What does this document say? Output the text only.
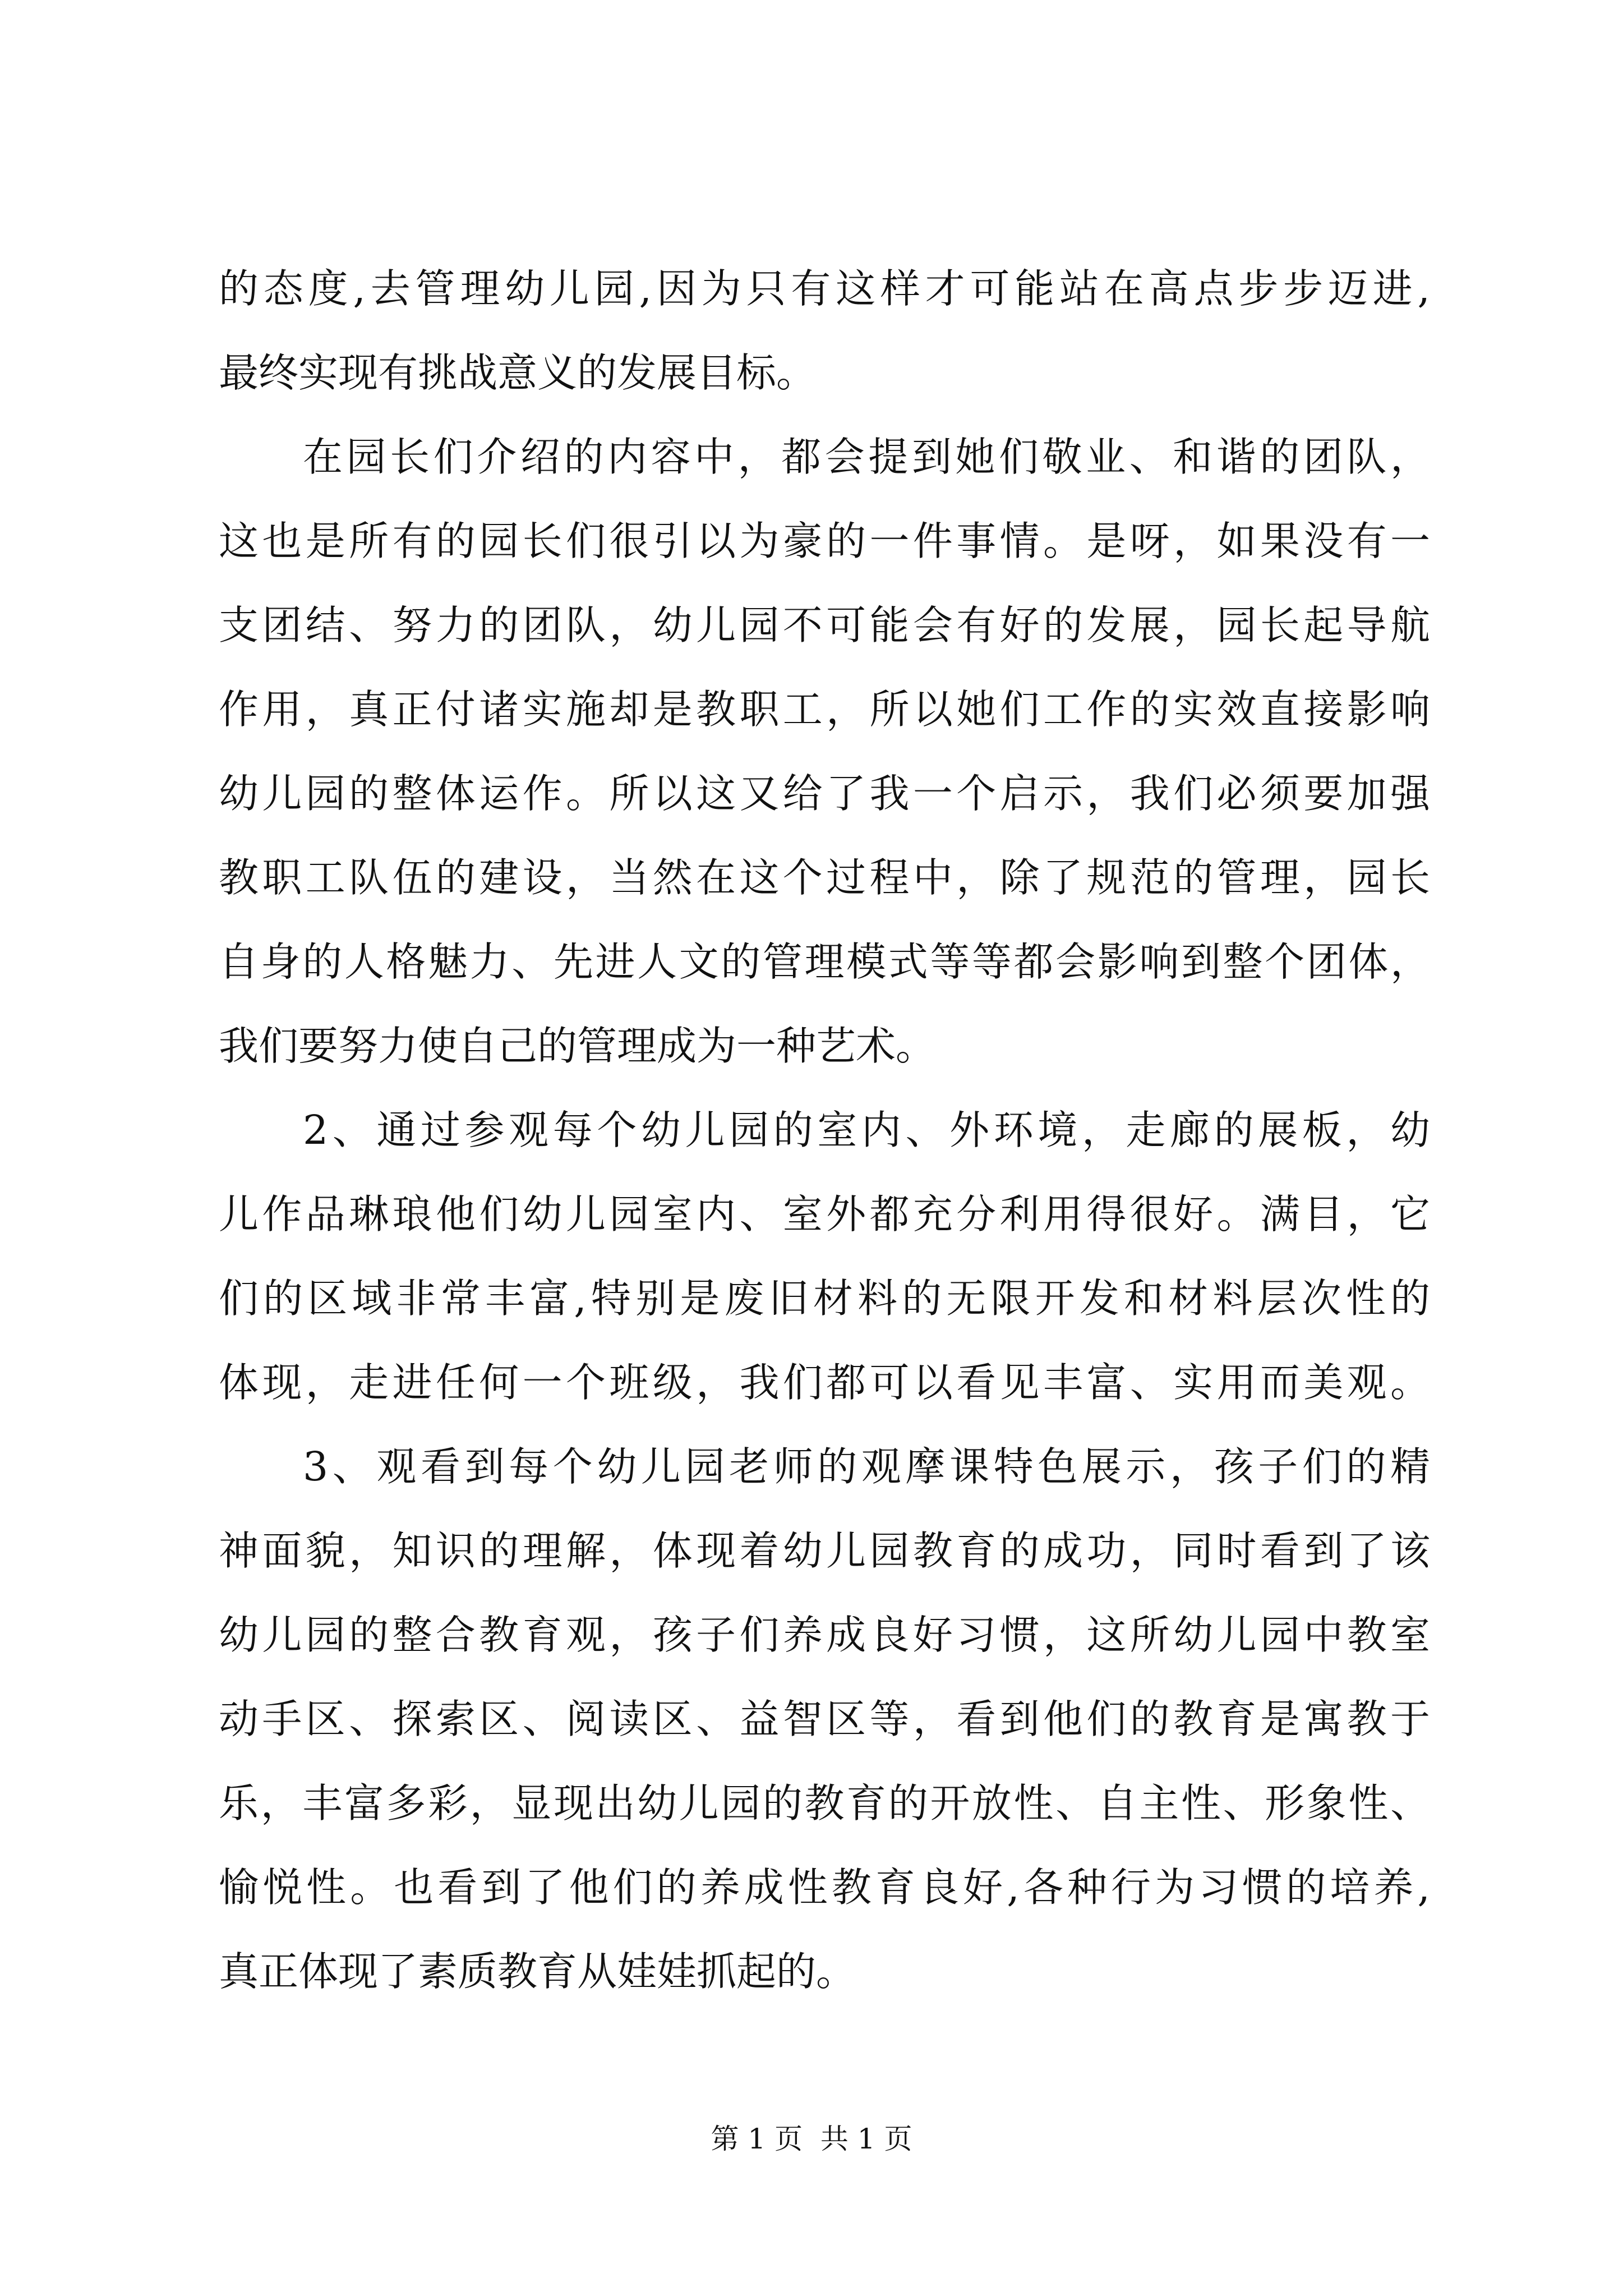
的态度,去管理幼儿园,因为只有这样才可能站在高点步步迈进,
最终实现有挑战意义的发展目标。
在园长们介绍的内容中，都会提到她们敬业、和谐的团队，
这也是所有的园长们很引以为豪的一件事情。是呀，如果没有一
支团结、努力的团队，幼儿园不可能会有好的发展，园长起导航
作用，真正付诸实施却是教职工，所以她们工作的实效直接影响
幼儿园的整体运作。所以这又给了我一个启示，我们必须要加强
教职工队伍的建设，当然在这个过程中，除了规范的管理，园长
自身的人格魅力、先进人文的管理模式等等都会影响到整个团体，
我们要努力使自己的管理成为一种艺术。
2、通过参观每个幼儿园的室内、外环境，走廊的展板，幼
儿作品琳琅他们幼儿园室内、室外都充分利用得很好。满目，它
们的区域非常丰富,特别是废旧材料的无限开发和材料层次性的
体现，走进任何一个班级，我们都可以看见丰富、实用而美观。
3、观看到每个幼儿园老师的观摩课特色展示，孩子们的精
神面貌，知识的理解，体现着幼儿园教育的成功，同时看到了该
幼儿园的整合教育观，孩子们养成良好习惯，这所幼儿园中教室
动手区、探索区、阅读区、益智区等，看到他们的教育是寓教于
乐，丰富多彩，显现出幼儿园的教育的开放性、自主性、形象性、
愉悦性。也看到了他们的养成性教育良好,各种行为习惯的培养,
真正体现了素质教育从娃娃抓起的。
第 1 页  共 1 页
